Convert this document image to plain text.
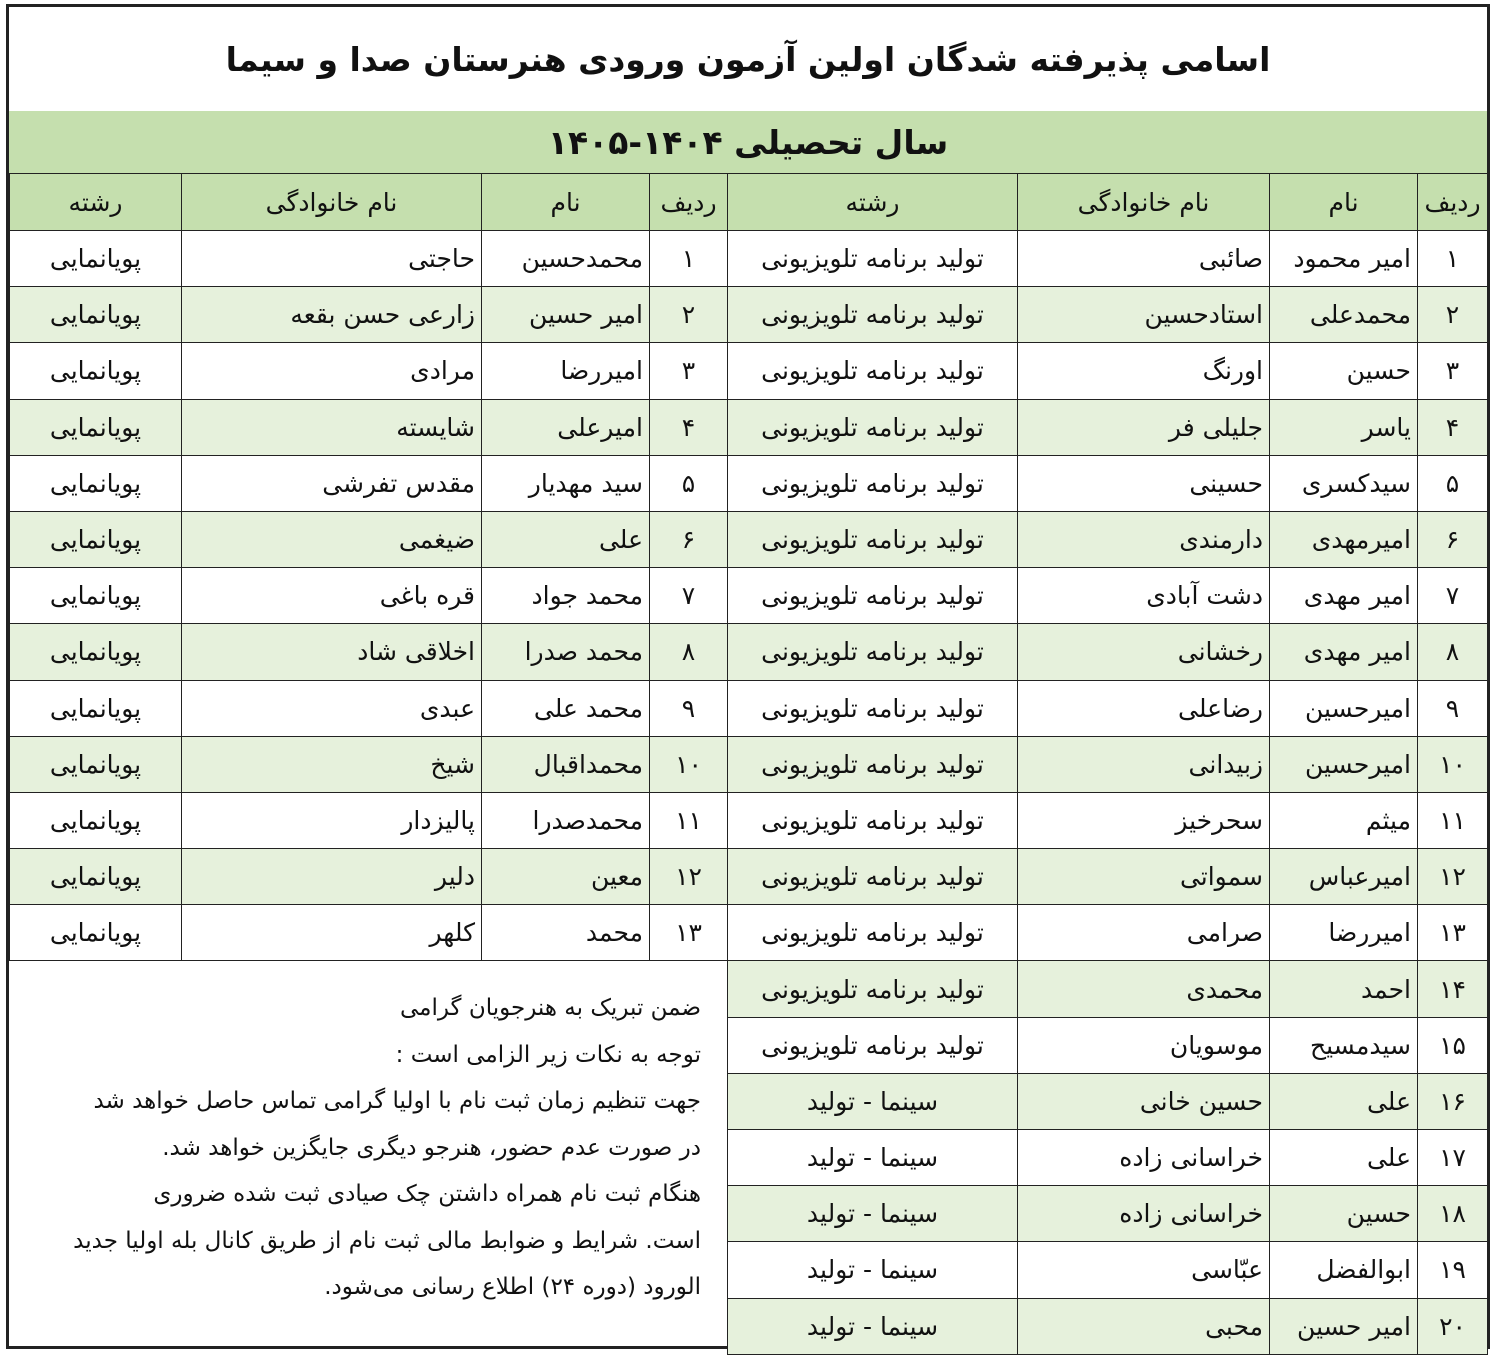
اسامی پذیرفته شدگان اولین آزمون ورودی هنرستان صدا و سیما
سال تحصیلی ۱۴۰۴-۱۴۰۵
ردیف	نام	نام خانوادگی	رشته
۱	امیر محمود	صائبی	تولید برنامه تلویزیونی
۲	محمدعلی	استادحسین	تولید برنامه تلویزیونی
۳	حسین	اورنگ	تولید برنامه تلویزیونی
۴	یاسر	جلیلی فر	تولید برنامه تلویزیونی
۵	سیدکسری	حسینی	تولید برنامه تلویزیونی
۶	امیرمهدی	دارمندی	تولید برنامه تلویزیونی
۷	امیر مهدی	دشت آبادی	تولید برنامه تلویزیونی
۸	امیر مهدی	رخشانی	تولید برنامه تلویزیونی
۹	امیرحسین	رضاعلی	تولید برنامه تلویزیونی
۱۰	امیرحسین	زبیدانی	تولید برنامه تلویزیونی
۱۱	میثم	سحرخیز	تولید برنامه تلویزیونی
۱۲	امیرعباس	سمواتی	تولید برنامه تلویزیونی
۱۳	امیررضا	صرامی	تولید برنامه تلویزیونی
۱۴	احمد	محمدی	تولید برنامه تلویزیونی
۱۵	سیدمسیح	موسویان	تولید برنامه تلویزیونی
۱۶	علی	حسین خانی	سینما - تولید
۱۷	علی	خراسانی زاده	سینما - تولید
۱۸	حسین	خراسانی زاده	سینما - تولید
۱۹	ابوالفضل	عبّاسی	سینما - تولید
۲۰	امیر حسین	محبی	سینما - تولید
ردیف	نام	نام خانوادگی	رشته
۱	محمدحسین	حاجتی	پویانمایی
۲	امیر حسین	زارعی حسن بقعه	پویانمایی
۳	امیررضا	مرادی	پویانمایی
۴	امیرعلی	شایسته	پویانمایی
۵	سید مهدیار	مقدس تفرشی	پویانمایی
۶	علی	ضیغمی	پویانمایی
۷	محمد جواد	قره باغی	پویانمایی
۸	محمد صدرا	اخلاقی شاد	پویانمایی
۹	محمد علی	عبدی	پویانمایی
۱۰	محمداقبال	شیخ	پویانمایی
۱۱	محمدصدرا	پالیزدار	پویانمایی
۱۲	معین	دلیر	پویانمایی
۱۳	محمد	کلهر	پویانمایی

ضمن تبریک به هنرجویان گرامی

توجه به نکات زیر الزامی است :

جهت تنظیم زمان ثبت نام با اولیا گرامی تماس حاصل خواهد شد

در صورت عدم حضور، هنرجو دیگری جایگزین خواهد شد.

هنگام ثبت نام همراه داشتن چک صیادی ثبت شده ضروری

است. شرایط و ضوابط مالی ثبت نام از طریق کانال بله اولیا جدید

الورود (دوره ۲۴) اطلاع رسانی می‌شود.
